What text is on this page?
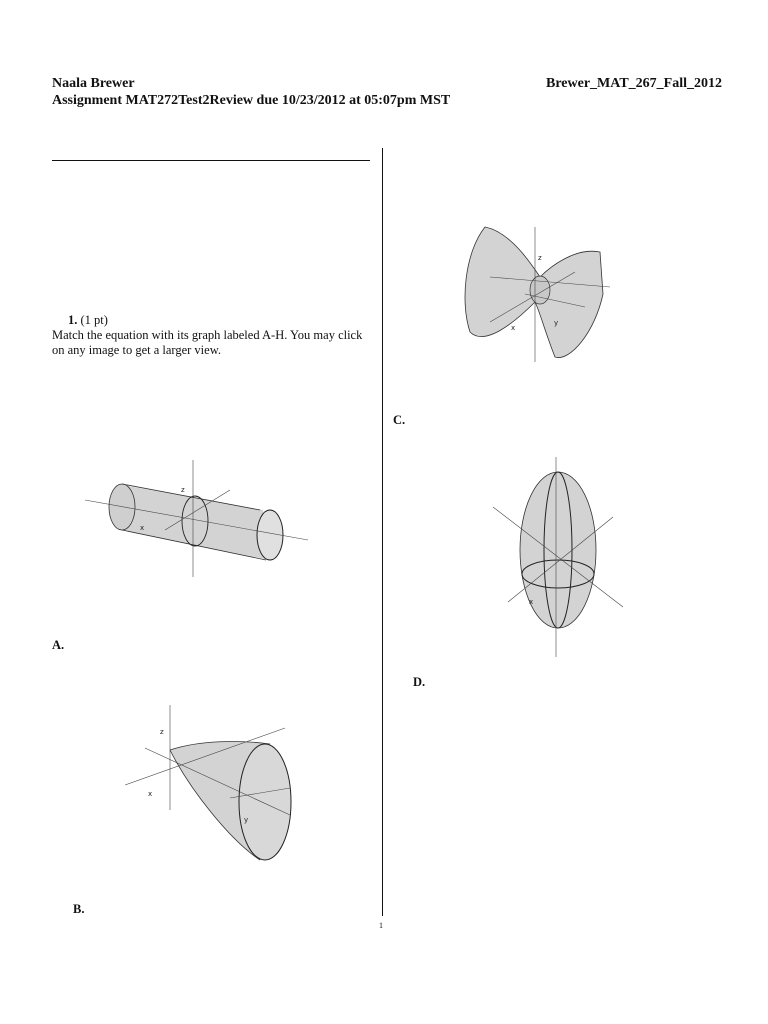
Naala Brewer
Assignment MAT272Test2Review due 10/23/2012 at 05:07pm MST
Brewer_MAT_267_Fall_2012
1. (1 pt)
Match the equation with its graph labeled A-H. You may click on any image to get a larger view.
z
x
A.
z
x
y
B.
z
x
y
C.
x
D.
1
